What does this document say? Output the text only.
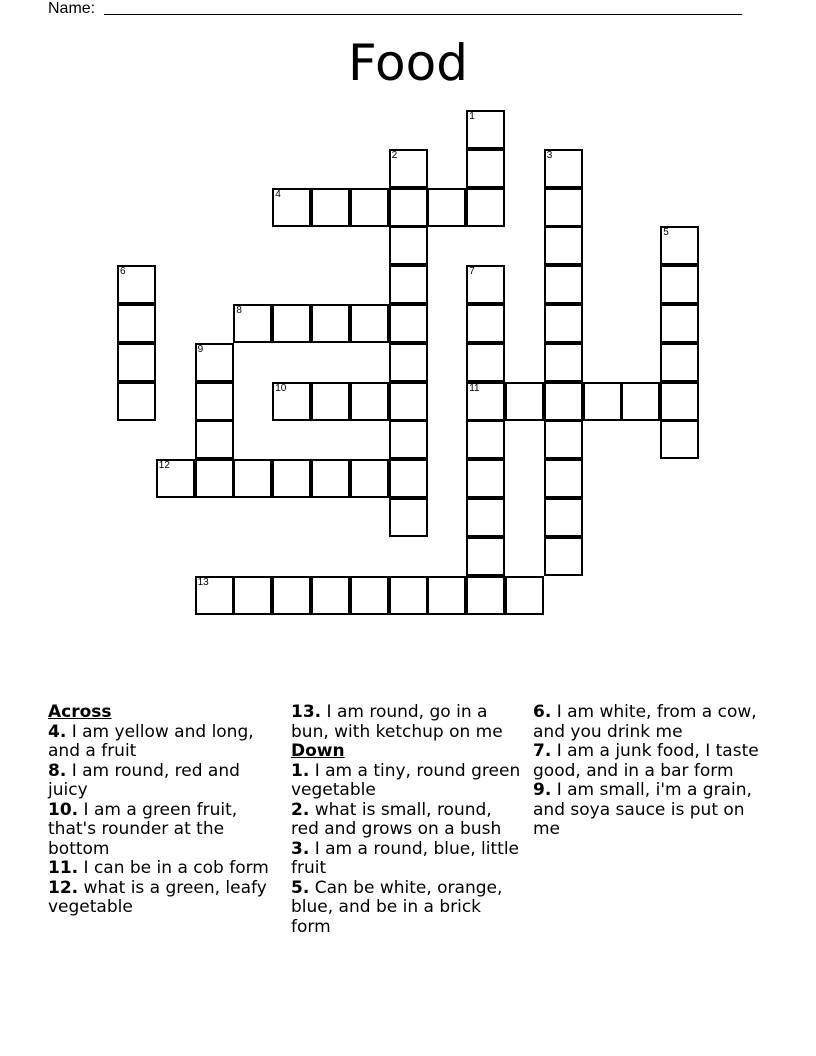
Name:
Food
1
2	3
4
5
6	7
11
8
9
10
12
13
Across

4. I am yellow and long, and a fruit

8. I am round, red and juicy

10. I am a green fruit, that's rounder at the bottom

11. I can be in a cob form

12. what is a green, leafy vegetable

13. I am round, go in a bun, with ketchup on me

Down

1. I am a tiny, round green vegetable

2. what is small, round, red and grows on a bush

3. I am a round, blue, little fruit

5. Can be white, orange, blue, and be in a brick form

6. I am white, from a cow, and you drink me

7. I am a junk food, I taste good, and in a bar form

9. I am small, i'm a grain, and soya sauce is put on me
